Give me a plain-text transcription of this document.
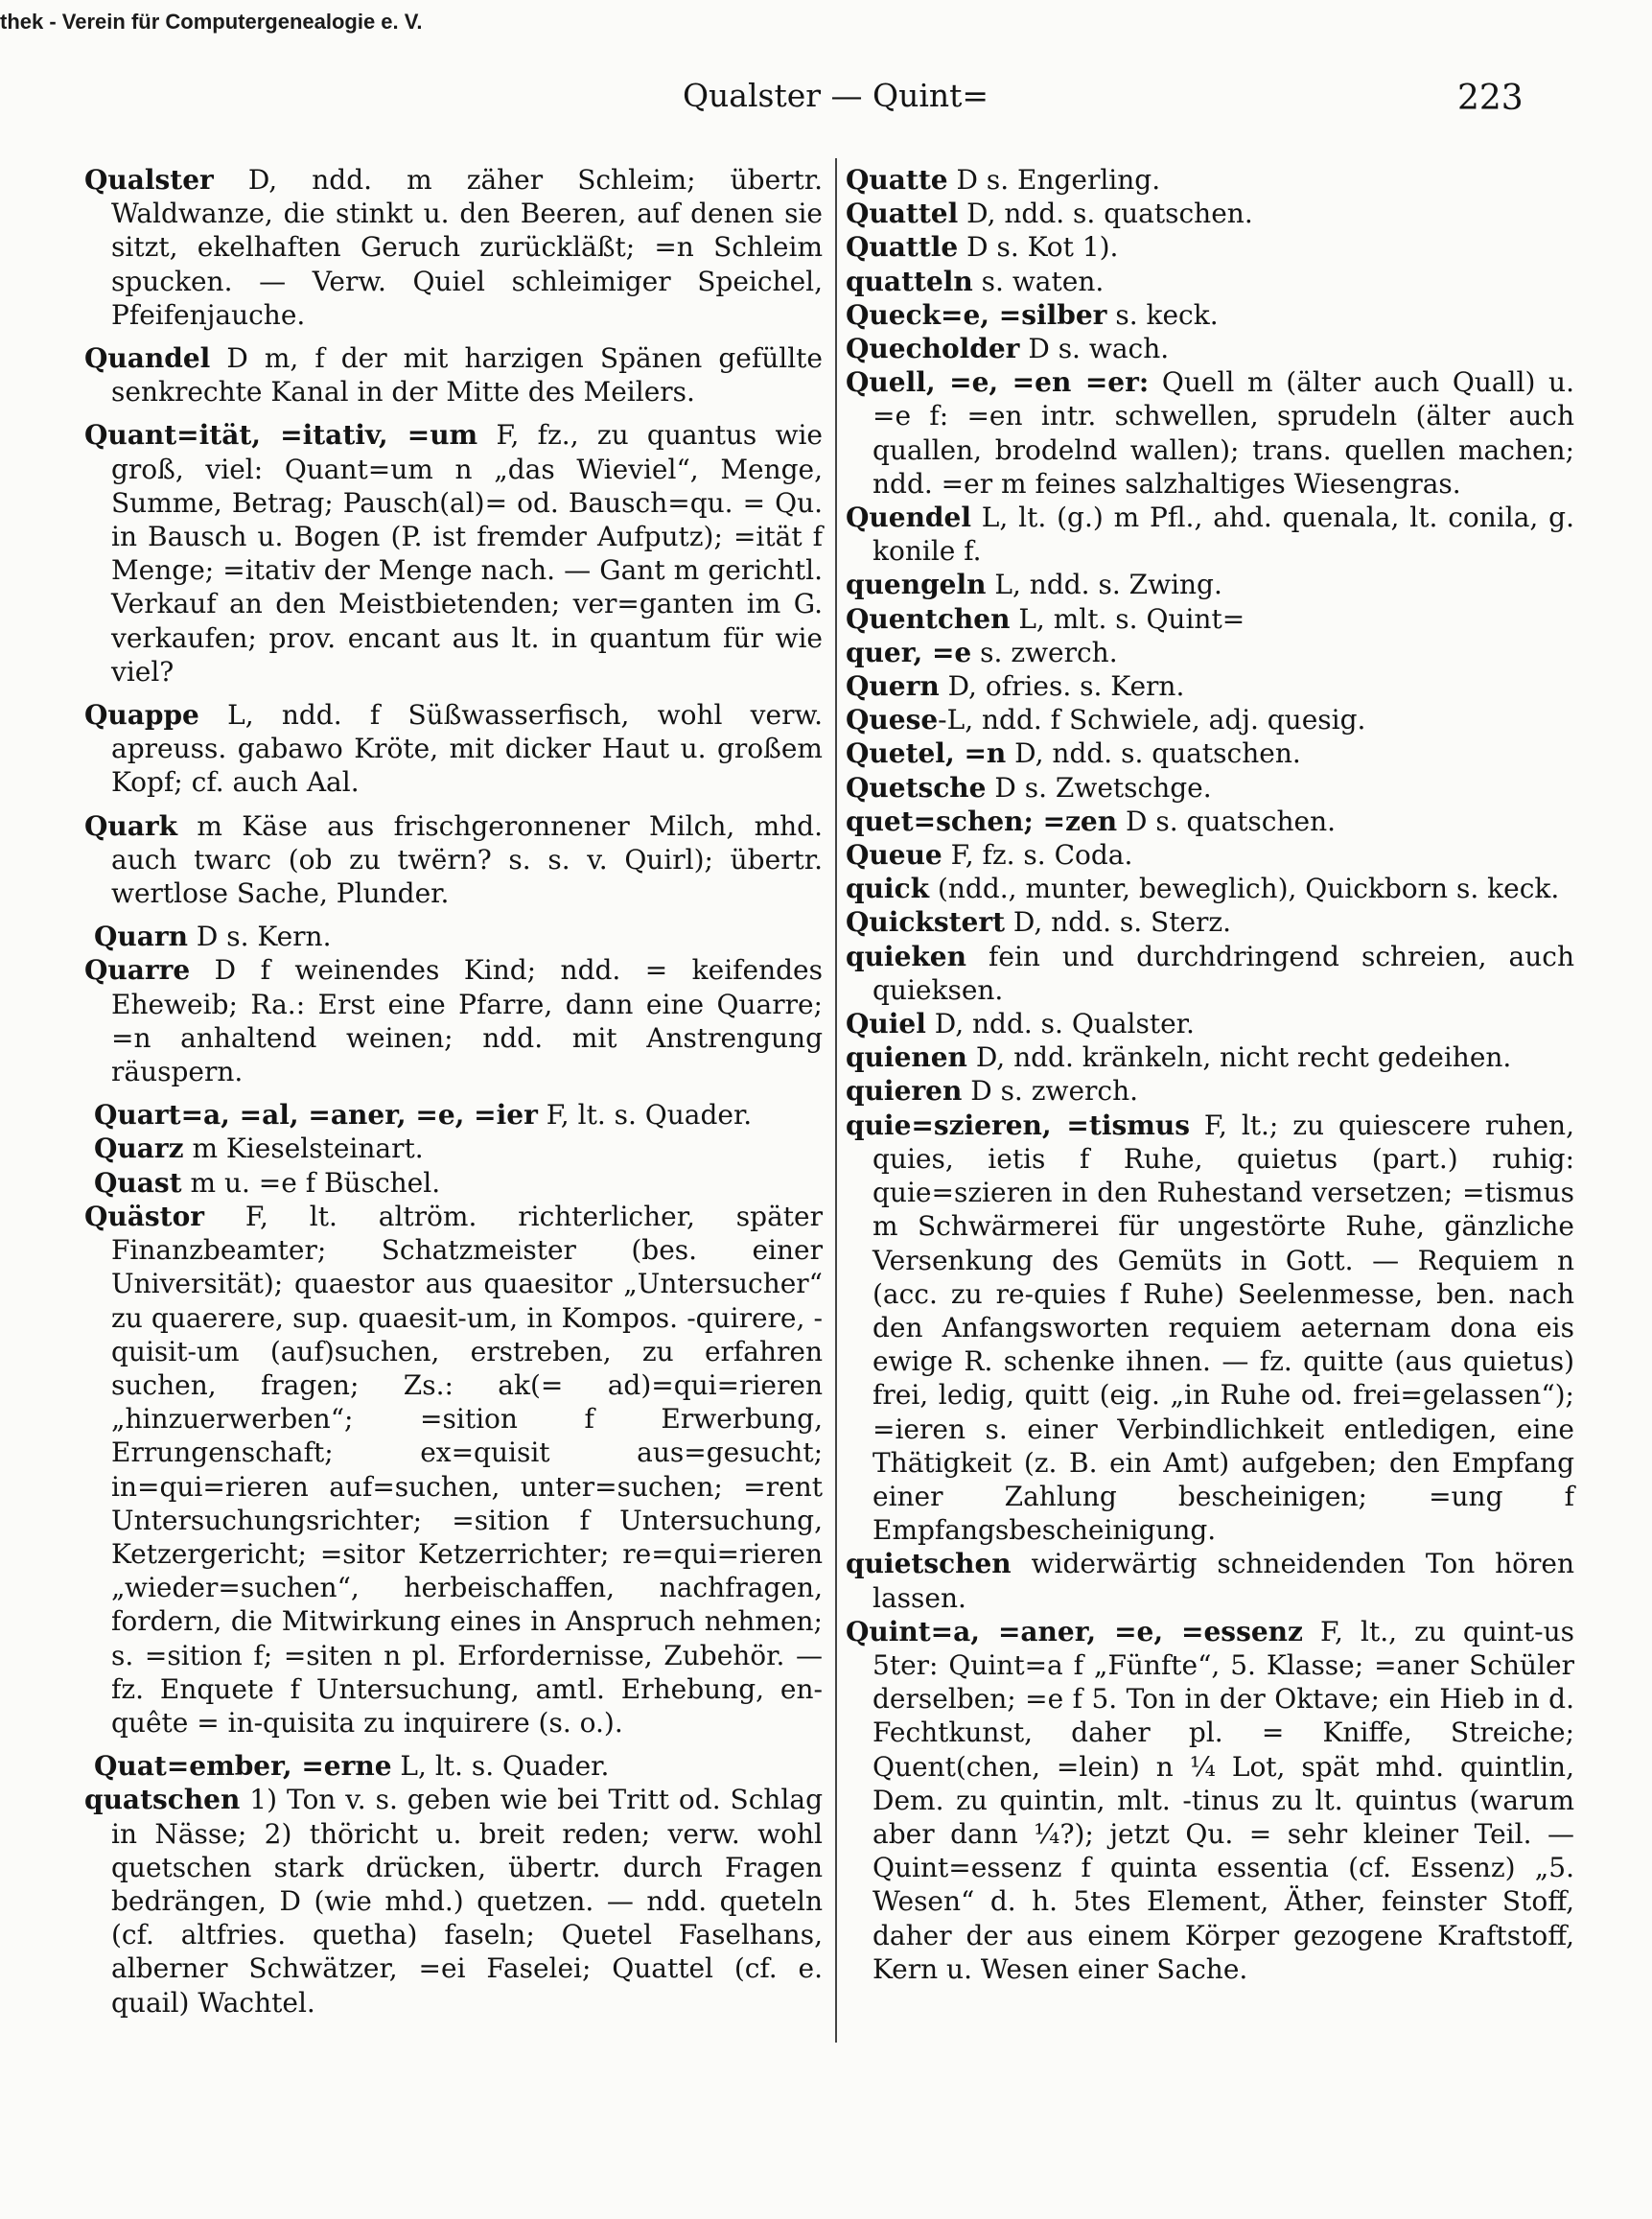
thek - Verein für Computergenealogie e. V.
Qualster — Quint=	223

Qualster D, ndd. m zäher Schleim; übertr. Waldwanze, die stinkt u. den Beeren, auf denen sie sitzt, ekelhaften Geruch zurückläßt; =n Schleim spucken. — Verw. Quiel schleimiger Speichel, Pfeifenjauche.

Quandel D m, f der mit harzigen Spänen gefüllte senkrechte Kanal in der Mitte des Meilers.

Quant=ität, =itativ, =um F, fz., zu quantus wie groß, viel: Quant=um n „das Wieviel“, Menge, Summe, Betrag; Pausch(al)= od. Bausch=qu. = Qu. in Bausch u. Bogen (P. ist fremder Aufputz); =ität f Menge; =itativ der Menge nach. — Gant m gerichtl. Verkauf an den Meistbietenden; ver=ganten im G. verkaufen; prov. encant aus lt. in quantum für wie viel?

Quappe L, ndd. f Süßwasserfisch, wohl verw. apreuss. gabawo Kröte, mit dicker Haut u. großem Kopf; cf. auch Aal.

Quark m Käse aus frischgeronnener Milch, mhd. auch twarc (ob zu twërn? s. s. v. Quirl); übertr. wertlose Sache, Plunder.

Quarn D s. Kern.

Quarre D f weinendes Kind; ndd. = keifendes Eheweib; Ra.: Erst eine Pfarre, dann eine Quarre; =n anhaltend weinen; ndd. mit Anstrengung räuspern.

Quart=a, =al, =aner, =e, =ier F, lt. s. Quader.

Quarz m Kieselsteinart.

Quast m u. =e f Büschel.

Quästor F, lt. altröm. richterlicher, später Finanzbeamter; Schatzmeister (bes. einer Universität); quaestor aus quaesitor „Untersucher“ zu quaerere, sup. quaesit-um, in Kompos. -quirere, -quisit-um (auf)suchen, erstreben, zu erfahren suchen, fragen; Zs.: ak(= ad)=qui=rieren „hinzuerwerben“; =sition f Erwerbung, Errungenschaft; ex=quisit aus=gesucht; in=qui=rieren auf=suchen, unter=suchen; =rent Untersuchungsrichter; =sition f Untersuchung, Ketzergericht; =sitor Ketzerrichter; re=qui=rieren „wieder=suchen“, herbeischaffen, nachfragen, fordern, die Mitwirkung eines in Anspruch nehmen; s. =sition f; =siten n pl. Erfordernisse, Zubehör. — fz. Enquete f Untersuchung, amtl. Erhebung, en-quête = in-quisita zu inquirere (s. o.).

Quat=ember, =erne L, lt. s. Quader.

quatschen 1) Ton v. s. geben wie bei Tritt od. Schlag in Nässe; 2) thöricht u. breit reden; verw. wohl quetschen stark drücken, übertr. durch Fragen bedrängen, D (wie mhd.) quetzen. — ndd. queteln (cf. altfries. quetha) faseln; Quetel Faselhans, alberner Schwätzer, =ei Faselei; Quattel (cf. e. quail) Wachtel.

Quatte D s. Engerling.

Quattel D, ndd. s. quatschen.

Quattle D s. Kot 1).

quatteln s. waten.

Queck=e, =silber s. keck.

Quecholder D s. wach.

Quell, =e, =en =er: Quell m (älter auch Quall) u. =e f: =en intr. schwellen, sprudeln (älter auch quallen, brodelnd wallen); trans. quellen machen; ndd. =er m feines salzhaltiges Wiesengras.

Quendel L, lt. (g.) m Pfl., ahd. quenala, lt. conila, g. konile f.

quengeln L, ndd. s. Zwing.

Quentchen L, mlt. s. Quint=

quer, =e s. zwerch.

Quern D, ofries. s. Kern.

Quese-L, ndd. f Schwiele, adj. quesig.

Quetel, =n D, ndd. s. quatschen.

Quetsche D s. Zwetschge.

quet=schen; =zen D s. quatschen.

Queue F, fz. s. Coda.

quick (ndd., munter, beweglich), Quickborn s. keck.

Quickstert D, ndd. s. Sterz.

quieken fein und durchdringend schreien, auch quieksen.

Quiel D, ndd. s. Qualster.

quienen D, ndd. kränkeln, nicht recht gedeihen.

quieren D s. zwerch.

quie=szieren, =tismus F, lt.; zu quiescere ruhen, quies, ietis f Ruhe, quietus (part.) ruhig: quie=szieren in den Ruhestand versetzen; =tismus m Schwärmerei für ungestörte Ruhe, gänzliche Versenkung des Gemüts in Gott. — Requiem n (acc. zu re-quies f Ruhe) Seelenmesse, ben. nach den Anfangsworten requiem aeternam dona eis ewige R. schenke ihnen. — fz. quitte (aus quietus) frei, ledig, quitt (eig. „in Ruhe od. frei=gelassen“); =ieren s. einer Verbindlichkeit entledigen, eine Thätigkeit (z. B. ein Amt) aufgeben; den Empfang einer Zahlung bescheinigen; =ung f Empfangsbescheinigung.

quietschen widerwärtig schneidenden Ton hören lassen.

Quint=a, =aner, =e, =essenz F, lt., zu quint-us 5ter: Quint=a f „Fünfte“, 5. Klasse; =aner Schüler derselben; =e f 5. Ton in der Oktave; ein Hieb in d. Fechtkunst, daher pl. = Kniffe, Streiche; Quent(chen, =lein) n ¼ Lot, spät mhd. quintlin, Dem. zu quintin, mlt. -tinus zu lt. quintus (warum aber dann ¼?); jetzt Qu. = sehr kleiner Teil. — Quint=essenz f quinta essentia (cf. Essenz) „5. Wesen“ d. h. 5tes Element, Äther, feinster Stoff, daher der aus einem Körper gezogene Kraftstoff, Kern u. Wesen einer Sache.
